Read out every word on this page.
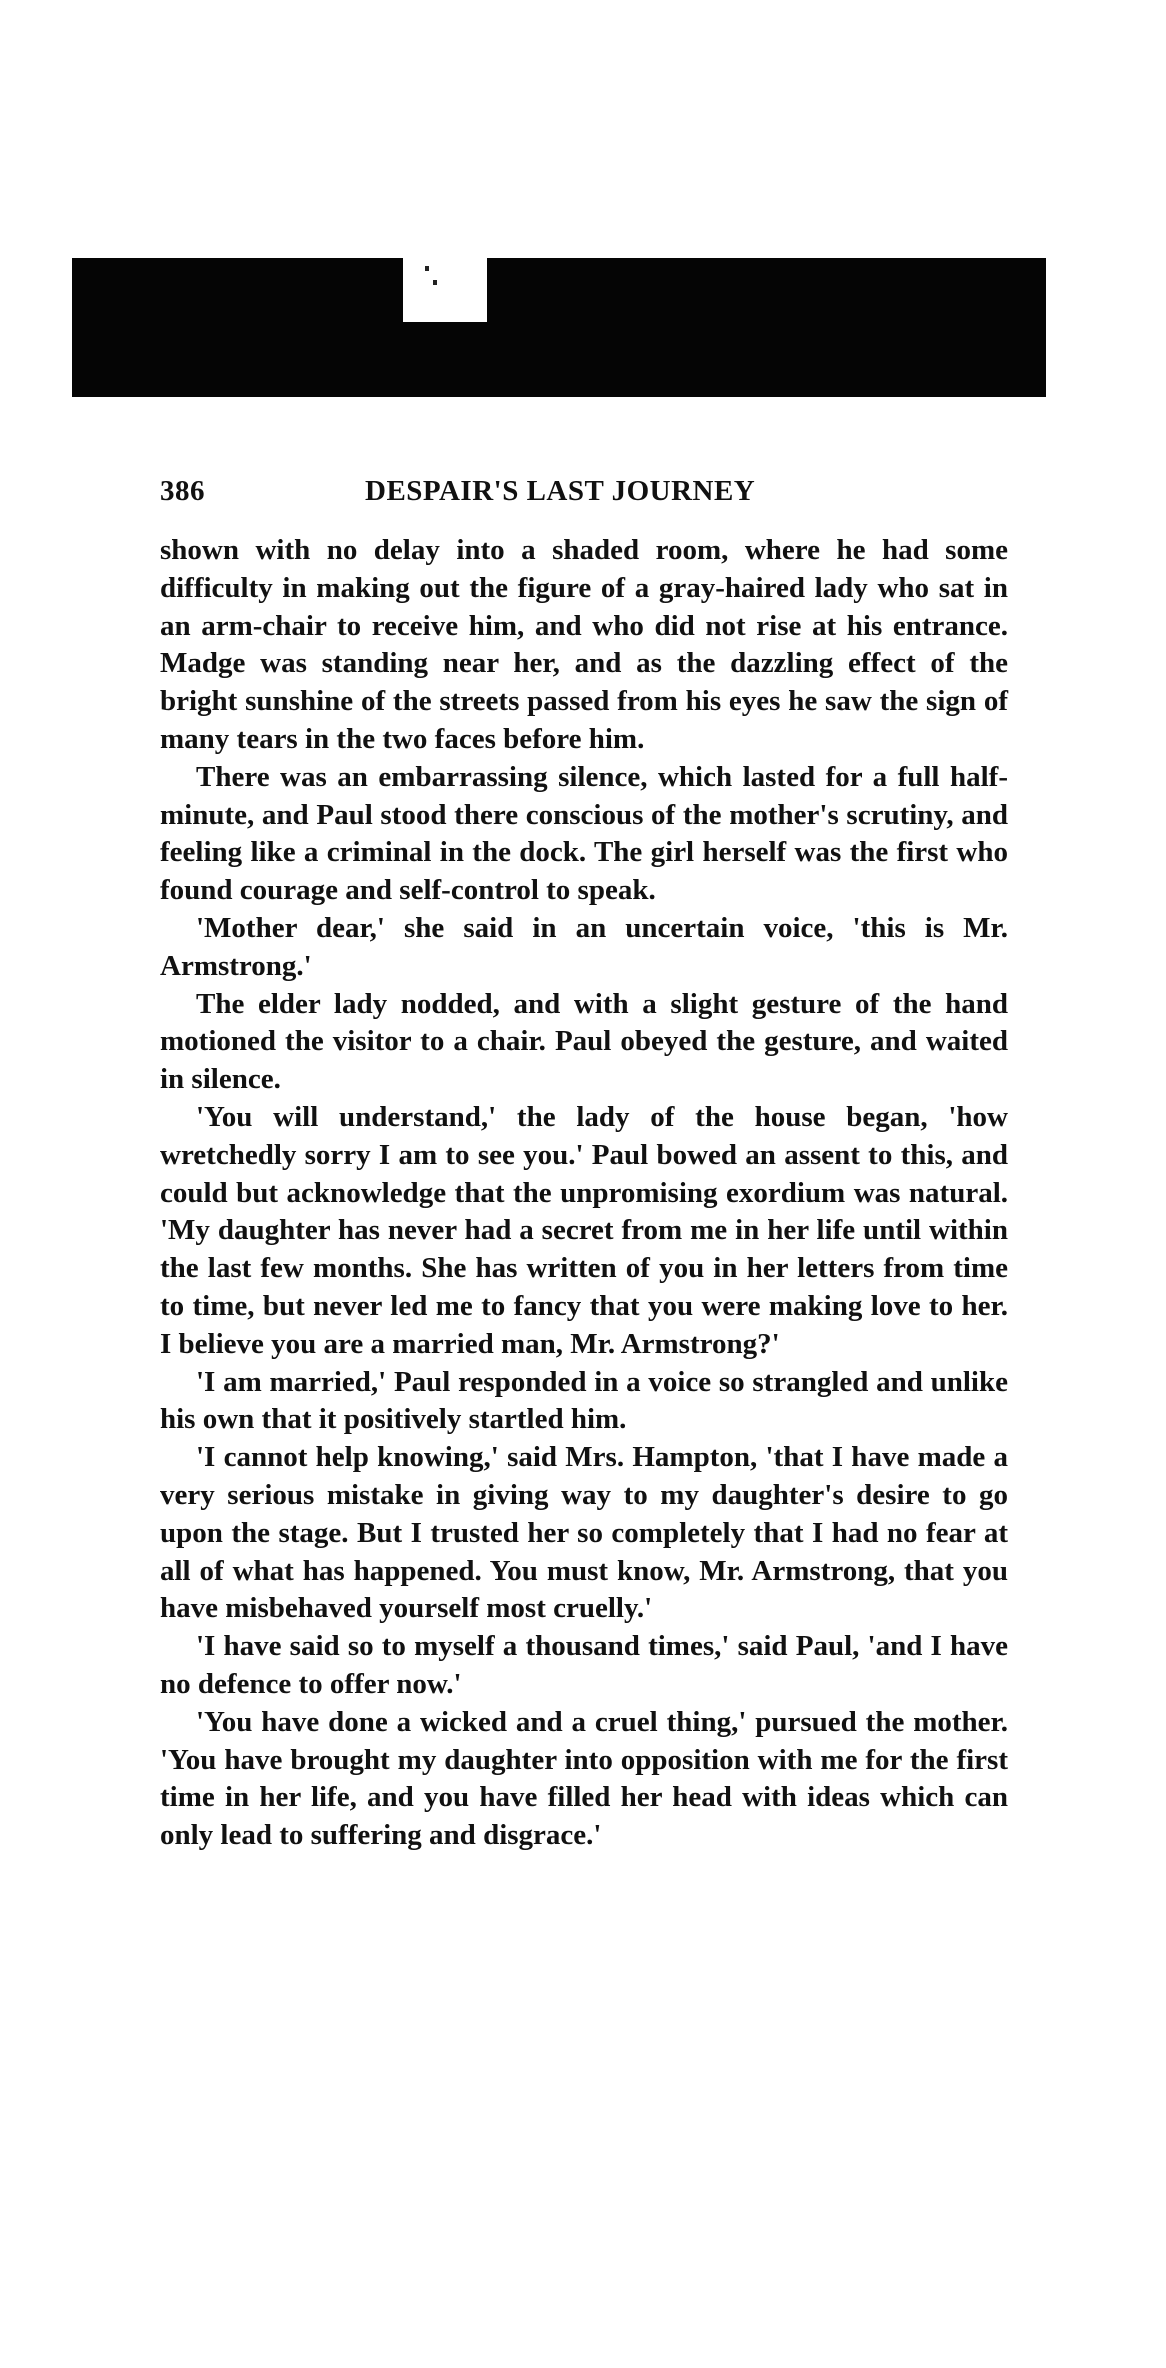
386	DESPAIR'S LAST JOURNEY

shown with no delay into a shaded room, where he had some difficulty in making out the figure of a gray-haired lady who sat in an arm-chair to receive him, and who did not rise at his entrance. Madge was standing near her, and as the dazzling effect of the bright sunshine of the streets passed from his eyes he saw the sign of many tears in the two faces before him.

There was an embarrassing silence, which lasted for a full half-minute, and Paul stood there conscious of the mother's scrutiny, and feeling like a criminal in the dock. The girl herself was the first who found courage and self-control to speak.

'Mother dear,' she said in an uncertain voice, 'this is Mr. Armstrong.'

The elder lady nodded, and with a slight gesture of the hand motioned the visitor to a chair. Paul obeyed the gesture, and waited in silence.

'You will understand,' the lady of the house began, 'how wretchedly sorry I am to see you.' Paul bowed an assent to this, and could but acknowledge that the unpromising exordium was natural. 'My daughter has never had a secret from me in her life until within the last few months. She has written of you in her letters from time to time, but never led me to fancy that you were making love to her. I believe you are a married man, Mr. Armstrong?'

'I am married,' Paul responded in a voice so strangled and unlike his own that it positively startled him.

'I cannot help knowing,' said Mrs. Hampton, 'that I have made a very serious mistake in giving way to my daughter's desire to go upon the stage. But I trusted her so completely that I had no fear at all of what has happened. You must know, Mr. Armstrong, that you have misbehaved yourself most cruelly.'

'I have said so to myself a thousand times,' said Paul, 'and I have no defence to offer now.'

'You have done a wicked and a cruel thing,' pursued the mother. 'You have brought my daughter into opposition with me for the first time in her life, and you have filled her head with ideas which can only lead to suffering and disgrace.'
